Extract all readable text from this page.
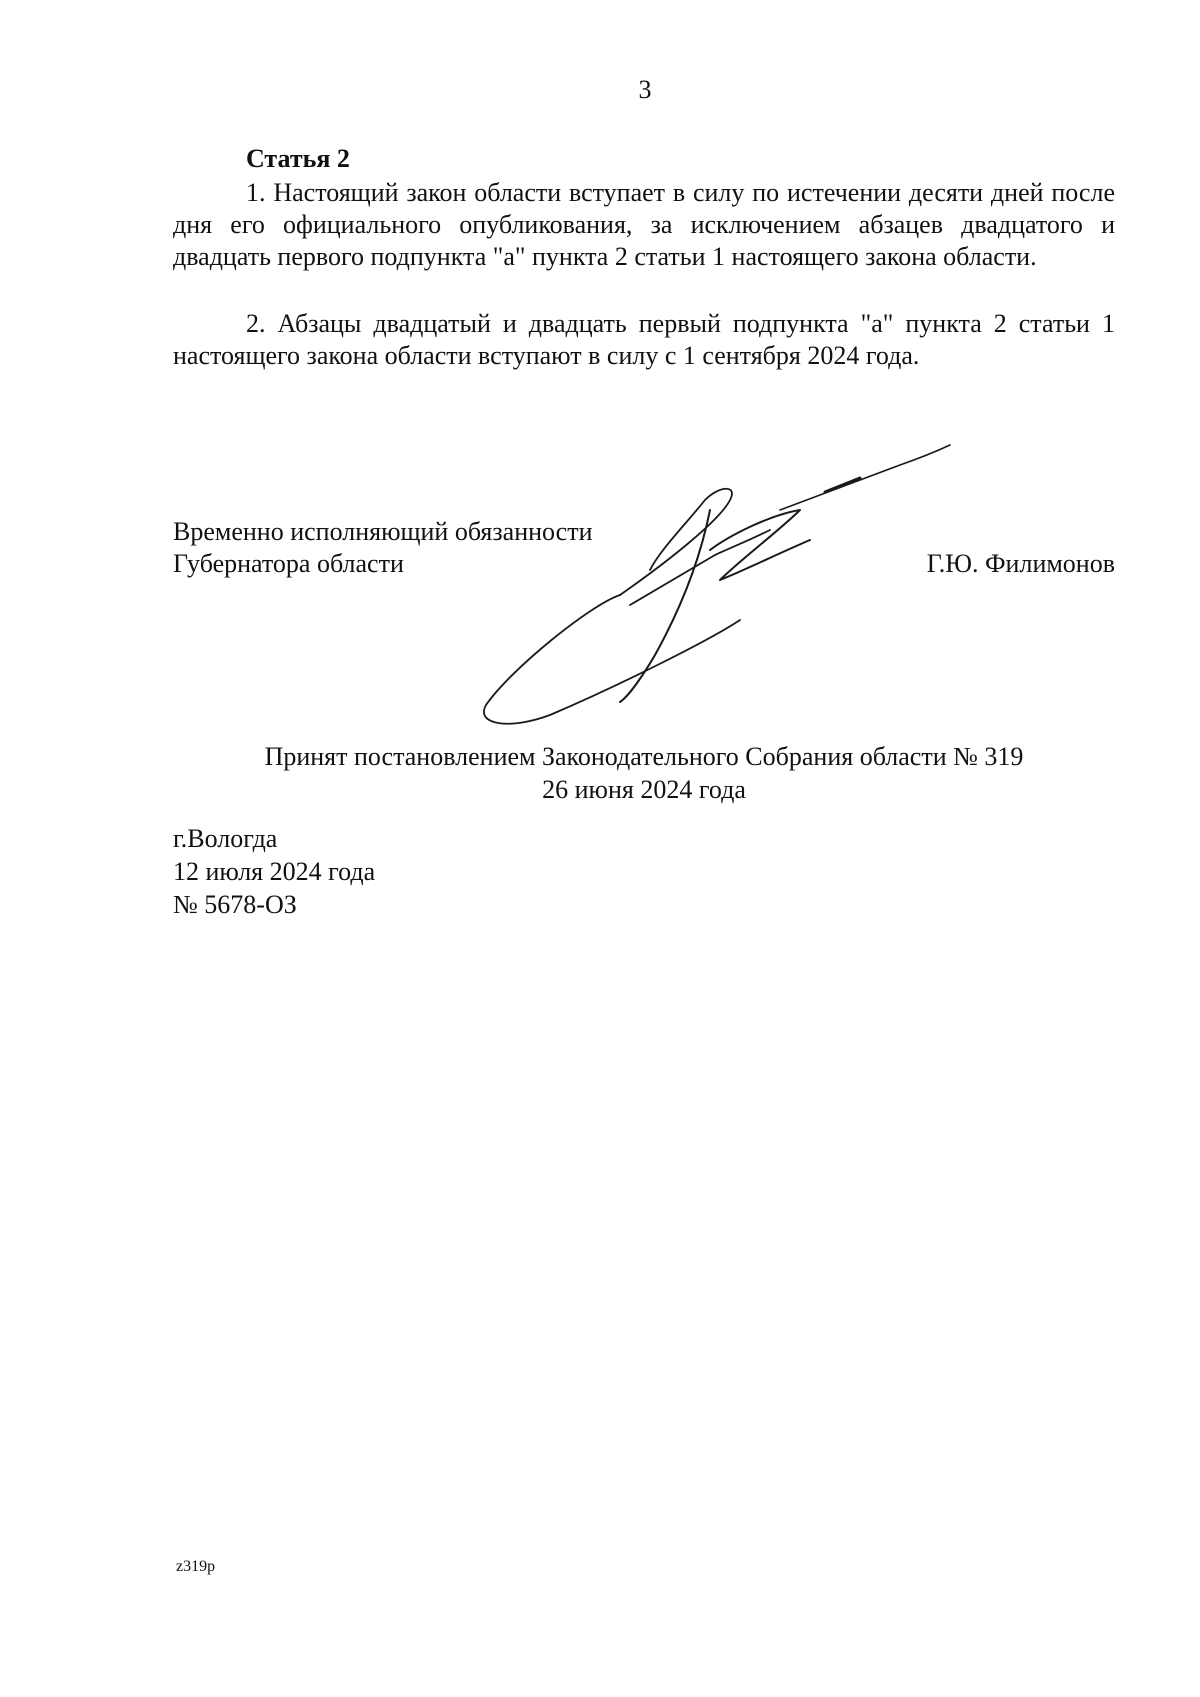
3
Статья 2

1. Настоящий закон области вступает в силу по истечении десяти дней после дня его официального опубликования, за исключением абзацев двадцатого и двадцать первого подпункта "а" пункта 2 статьи 1 настоящего закона области.

2. Абзацы двадцатый и двадцать первый подпункта "а" пункта 2 статьи 1 настоящего закона области вступают в силу с 1 сентября 2024 года.

Временно исполняющий обязанности
Губернатора области	Г.Ю. Филимонов
Принят постановлением Законодательного Собрания области № 319
26 июня 2024 года
г.Вологда
12 июля 2024 года
№ 5678-ОЗ
z319p
